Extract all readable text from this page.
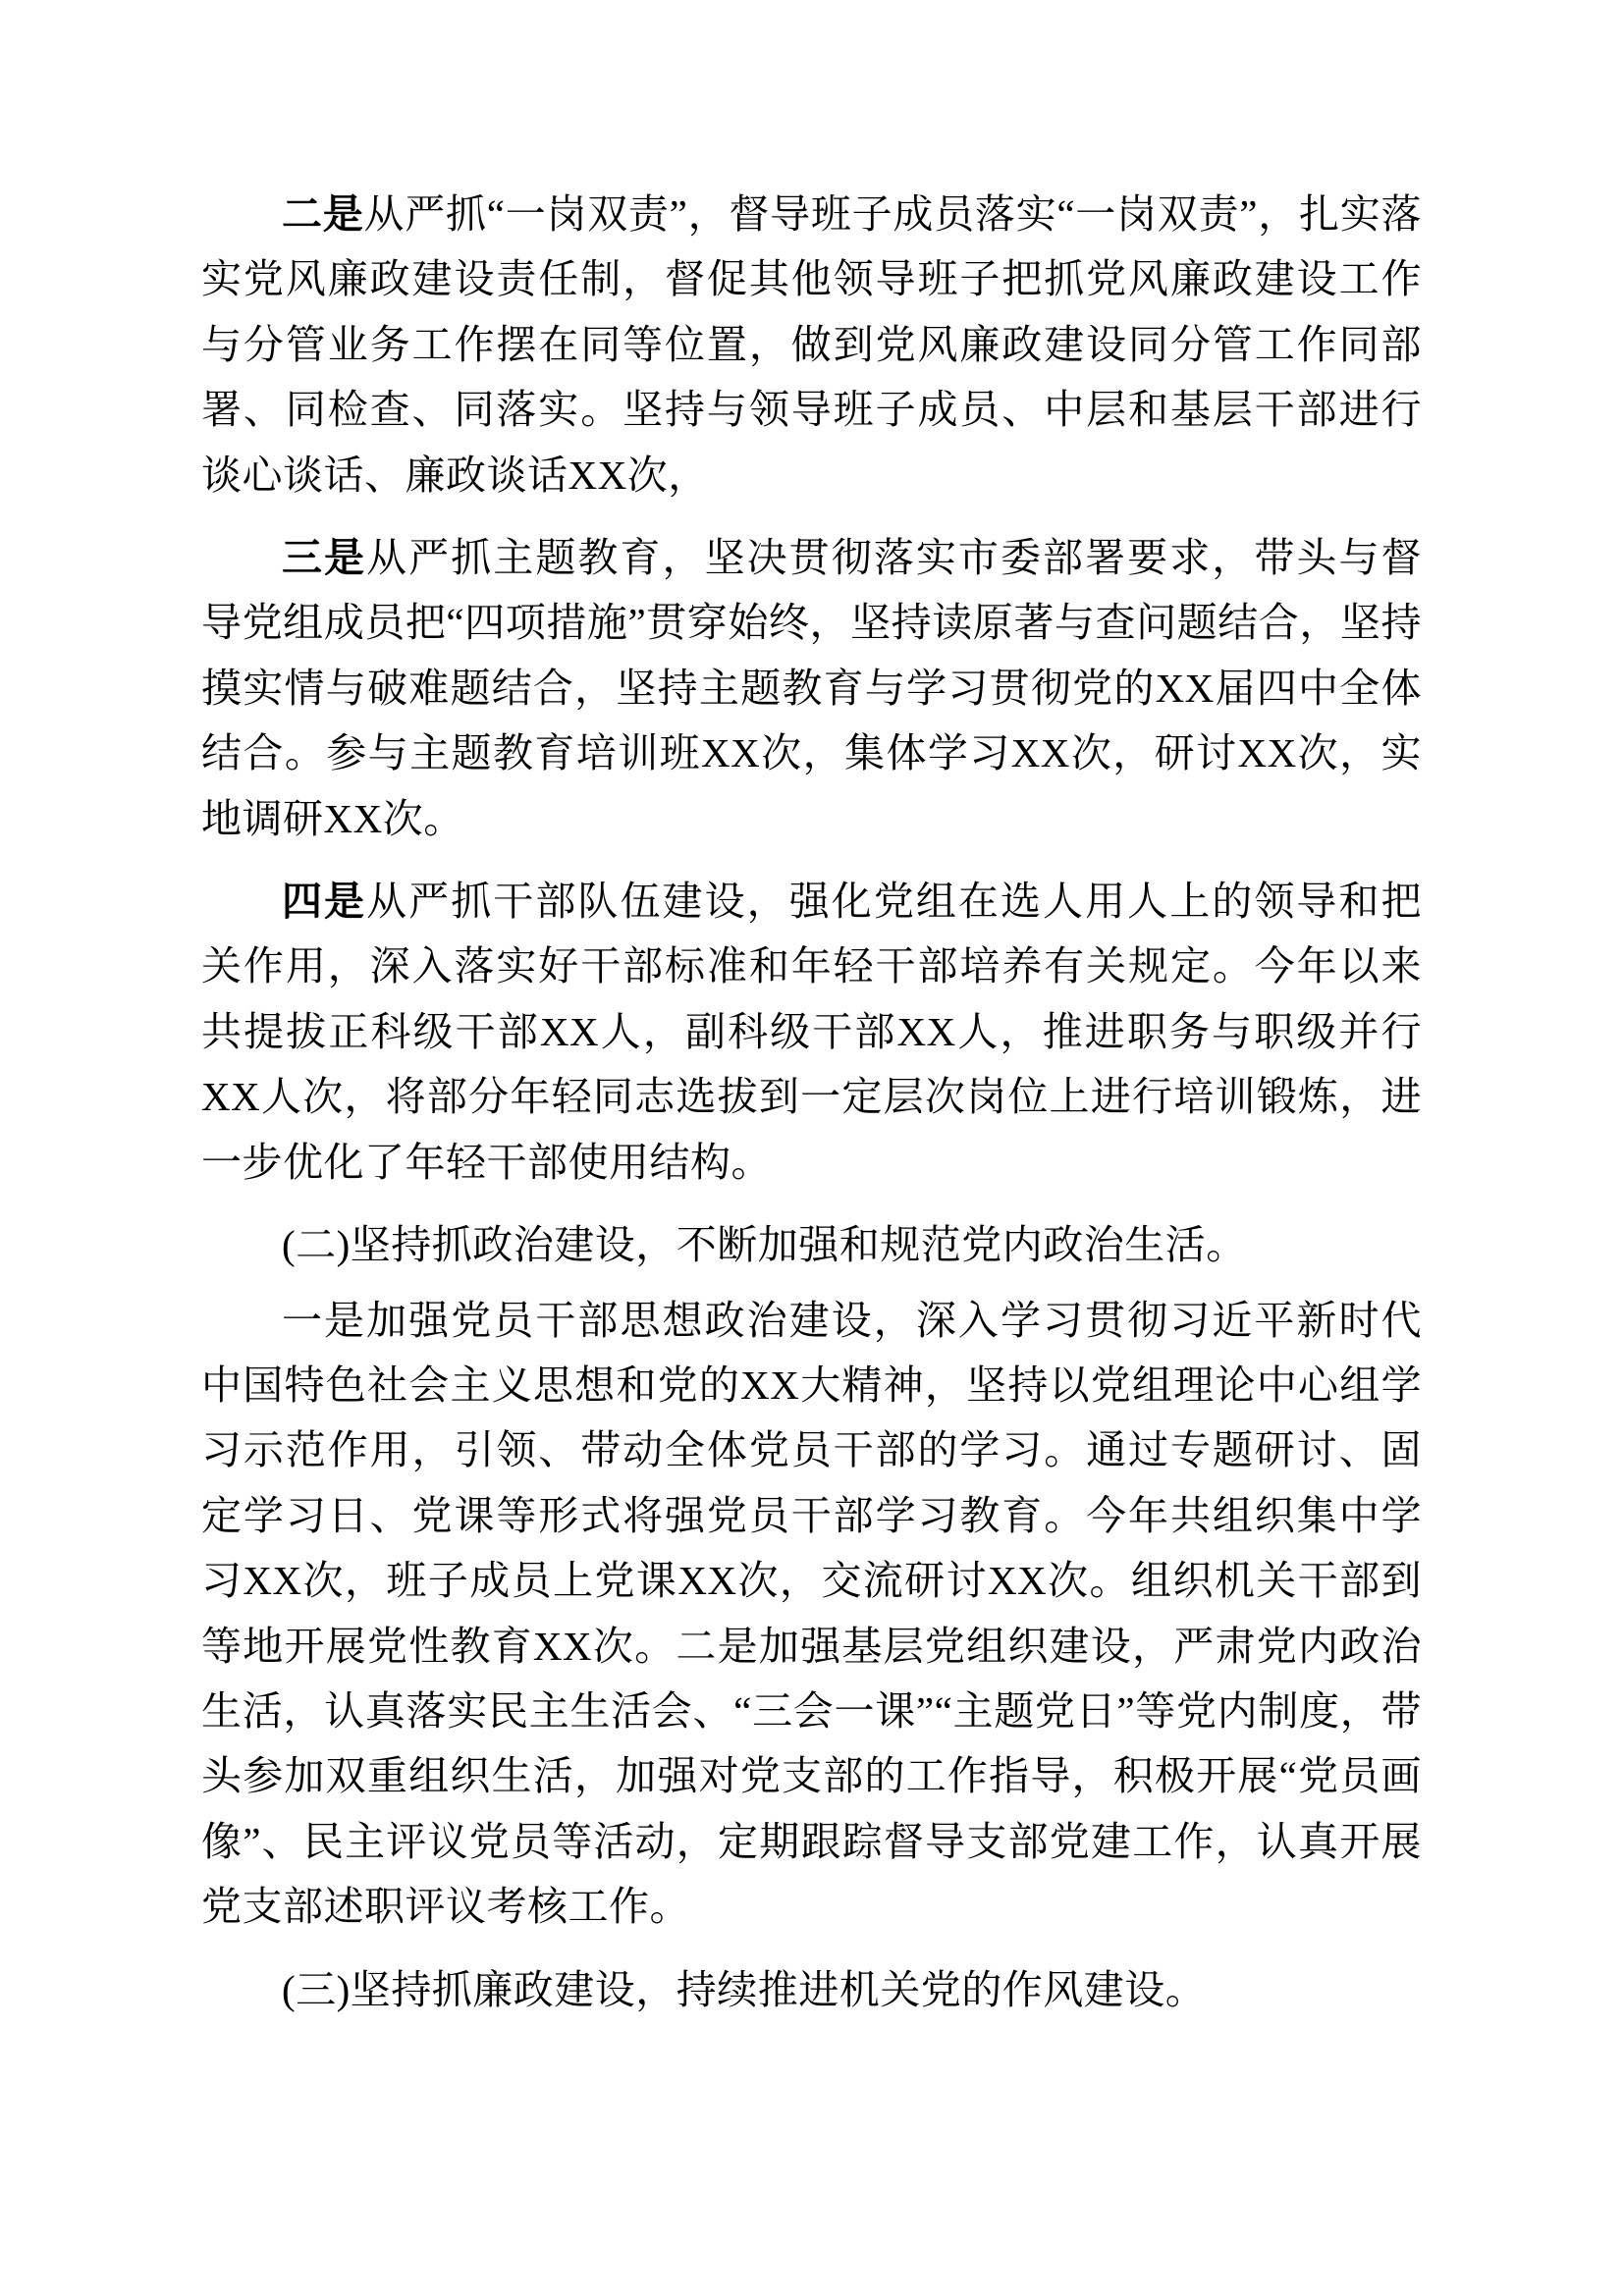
二是从严抓“一岗双责”，督导班子成员落实“一岗双责”，扎实落实党风廉政建设责任制，督促其他领导班子把抓党风廉政建设工作与分管业务工作摆在同等位置，做到党风廉政建设同分管工作同部署、同检查、同落实。坚持与领导班子成员、中层和基层干部进行谈心谈话、廉政谈话XX次，

三是从严抓主题教育，坚决贯彻落实市委部署要求，带头与督导党组成员把“四项措施”贯穿始终，坚持读原著与查问题结合，坚持摸实情与破难题结合，坚持主题教育与学习贯彻党的XX届四中全体结合。参与主题教育培训班XX次，集体学习XX次，研讨XX次，实地调研XX次。

四是从严抓干部队伍建设，强化党组在选人用人上的领导和把关作用，深入落实好干部标准和年轻干部培养有关规定。今年以来共提拔正科级干部XX人，副科级干部XX人，推进职务与职级并行XX人次，将部分年轻同志选拔到一定层次岗位上进行培训锻炼，进一步优化了年轻干部使用结构。

(二)坚持抓政治建设，不断加强和规范党内政治生活。

一是加强党员干部思想政治建设，深入学习贯彻习近平新时代中国特色社会主义思想和党的XX大精神，坚持以党组理论中心组学习示范作用，引领、带动全体党员干部的学习。通过专题研讨、固定学习日、党课等形式将强党员干部学习教育。今年共组织集中学习XX次，班子成员上党课XX次，交流研讨XX次。组织机关干部到等地开展党性教育XX次。二是加强基层党组织建设，严肃党内政治生活，认真落实民主生活会、“三会一课”“主题党日”等党内制度，带头参加双重组织生活，加强对党支部的工作指导，积极开展“党员画像”、民主评议党员等活动，定期跟踪督导支部党建工作，认真开展党支部述职评议考核工作。

(三)坚持抓廉政建设，持续推进机关党的作风建设。
